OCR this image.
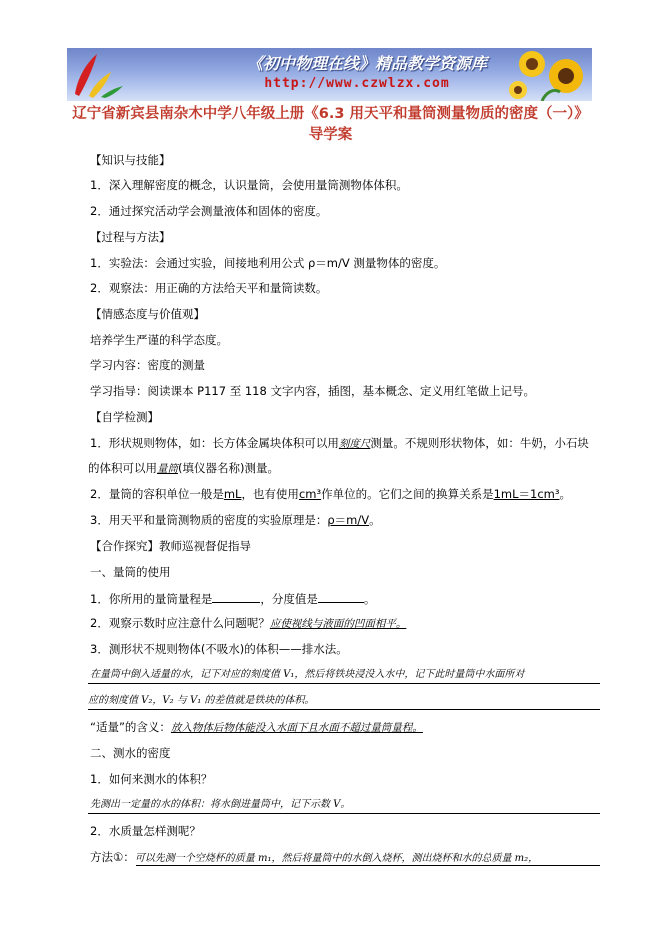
《初中物理在线》精品教学资源库
http://www.czwlzx.com
辽宁省新宾县南杂木中学八年级上册《6.3 用天平和量筒测量物质的密度（一）》
导学案
【知识与技能】
1．深入理解密度的概念，认识量筒，会使用量筒测物体体积。
2．通过探究活动学会测量液体和固体的密度。
【过程与方法】
1．实验法：会通过实验，间接地利用公式 ρ＝m/V 测量物体的密度。
2．观察法：用正确的方法给天平和量筒读数。
【情感态度与价值观】
培养学生严谨的科学态度。
学习内容：密度的测量
学习指导：阅读课本 P117 至 118 文字内容，插图，基本概念、定义用红笔做上记号。
【自学检测】
1．形状规则物体，如：长方体金属块体积可以用刻度尺测量。不规则形状物体，如：牛奶，小石块
的体积可以用量筒(填仪器名称)测量。
2．量筒的容积单位一般是mL，也有使用cm³作单位的。它们之间的换算关系是1mL＝1cm³。
3．用天平和量筒测物质的密度的实验原理是：ρ＝m/V。
【合作探究】教师巡视督促指导
一、量筒的使用
1．你所用的量筒量程是	，分度值是	。
2．观察示数时应注意什么问题呢？应使视线与液面的凹面相平。
3．测形状不规则物体(不吸水)的体积——排水法。
在量筒中倒入适量的水，记下对应的刻度值 V₁，然后将铁块浸没入水中，记下此时量筒中水面所对
应的刻度值 V₂，V₂ 与 V₁ 的差值就是铁块的体积。
“适量”的含义：放入物体后物体能没入水面下且水面不超过量筒量程。
二、测水的密度
1．如何来测水的体积？
先测出一定量的水的体积：将水倒进量筒中，记下示数 V。
2．水质量怎样测呢？
方法①：可以先测一个空烧杯的质量 m₁，然后将量筒中的水倒入烧杯，测出烧杯和水的总质量 m₂，
